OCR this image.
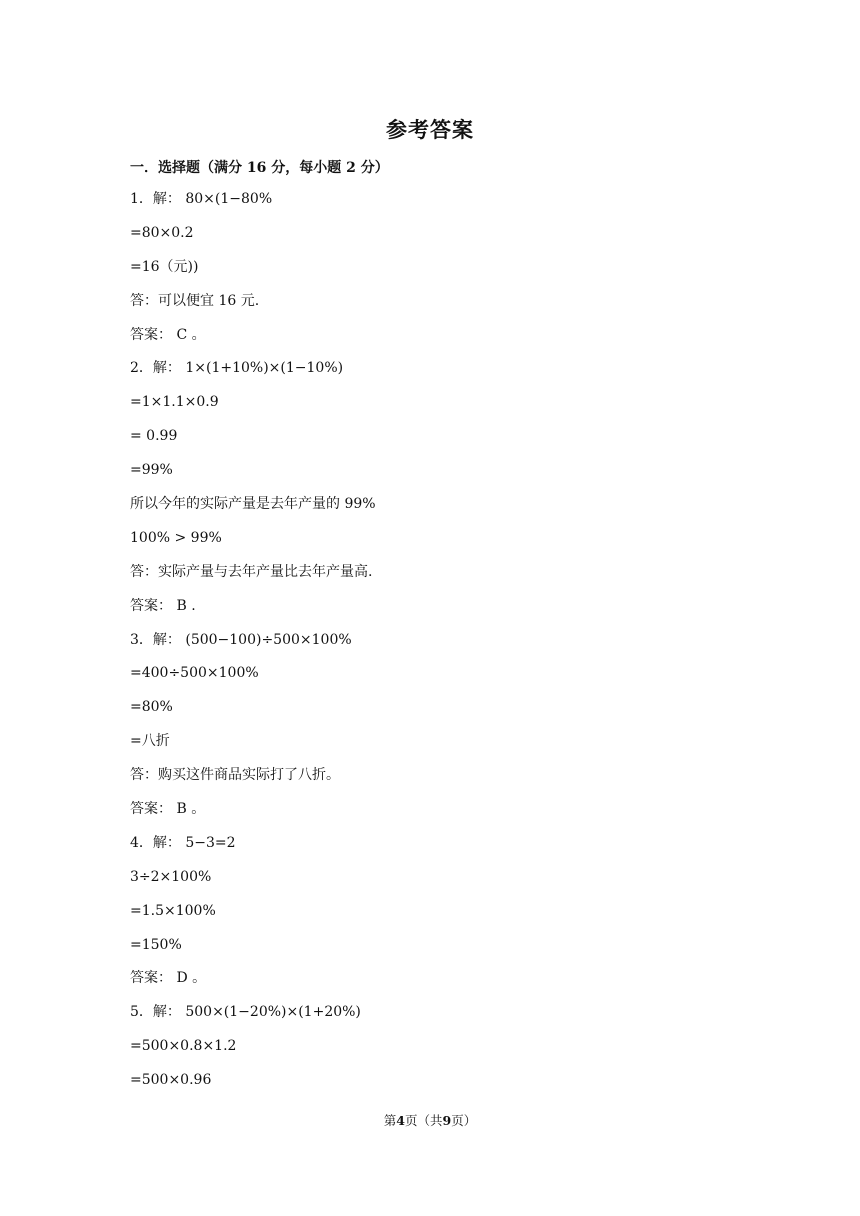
参考答案
一．选择题（满分 16 分，每小题 2 分）
1．解： 80×(1−80%
=80×0.2
=16（元))
答：可以便宜 16 元.
答案： C 。
2．解： 1×(1+10%)×(1−10%)
=1×1.1×0.9
= 0.99
=99%
所以今年的实际产量是去年产量的 99%
100% > 99%
答：实际产量与去年产量比去年产量高.
答案： B .
3．解： (500−100)÷500×100%
=400÷500×100%
=80%
=八折
答：购买这件商品实际打了八折。
答案： B 。
4．解： 5−3=2
3÷2×100%
=1.5×100%
=150%
答案： D 。
5．解： 500×(1−20%)×(1+20%)
=500×0.8×1.2
=500×0.96
第4页（共9页）
